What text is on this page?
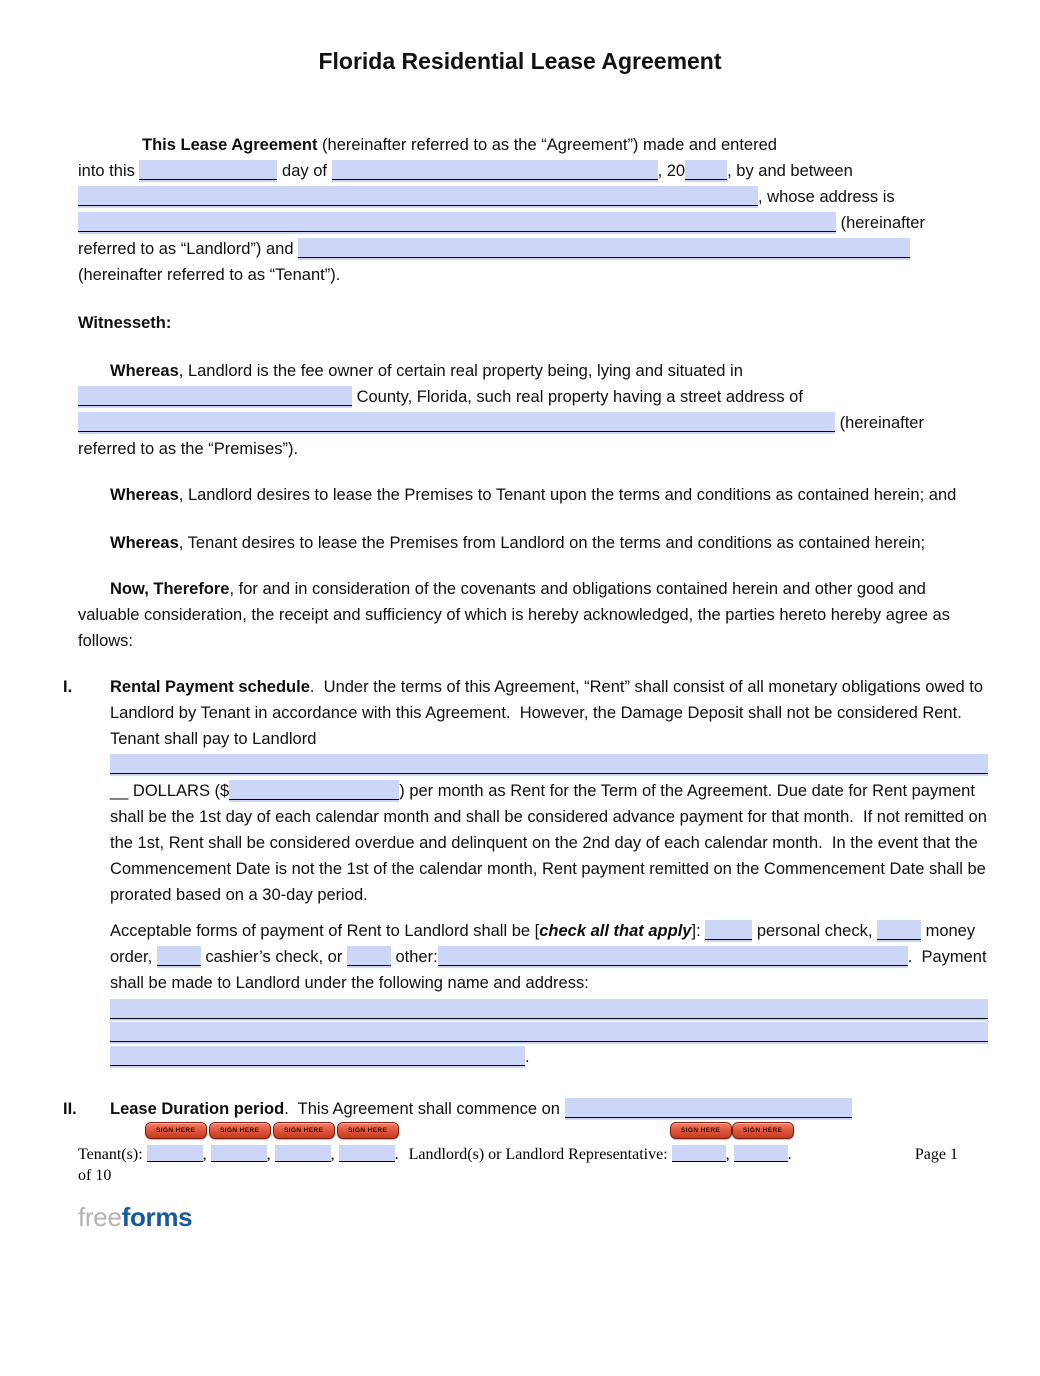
Florida Residential Lease Agreement
This Lease Agreement (hereinafter referred to as the “Agreement”) made and entered
into this	day of	, 20	, by and between
, whose address is
(hereinafter
referred to as “Landlord”) and
(hereinafter referred to as “Tenant”).
Witnesseth:
Whereas, Landlord is the fee owner of certain real property being, lying and situated in
County, Florida, such real property having a street address of
(hereinafter
referred to as the “Premises”).
Whereas, Landlord desires to lease the Premises to Tenant upon the terms and conditions as contained herein; and
Whereas, Tenant desires to lease the Premises from Landlord on the terms and conditions as contained herein;
Now, Therefore, for and in consideration of the covenants and obligations contained herein and other good and valuable consideration, the receipt and sufficiency of which is hereby acknowledged, the parties hereto hereby agree as follows:
I. Rental Payment schedule.  Under the terms of this Agreement, “Rent” shall consist of all monetary obligations owed to Landlord by Tenant in accordance with this Agreement.  However, the Damage Deposit shall not be considered Rent.  Tenant shall pay to Landlord__ DOLLARS ($	) per month as Rent for the Term of the Agreement. Due date for Rent payment shall be the 1st day of each calendar month and shall be considered advance payment for that month.  If not remitted on the 1st, Rent shall be considered overdue and delinquent on the 2nd day of each calendar month.  In the event that the Commencement Date is not the 1st of the calendar month, Rent payment remitted on the Commencement Date shall be prorated based on a 30-day period.
Acceptable forms of payment of Rent to Landlord shall be [check all that apply]:	personal check,	money order,	cashier’s check, or	other:	.  Payment shall be made to Landlord under the following name and address:
.
II. Lease Duration period.  This Agreement shall commence on
Tenant(s):
SIGN HERE
,
SIGN HERE
,
SIGN HERE
,
SIGN HERE
. Landlord(s) or Landlord Representative:
SIGN HERE
,
SIGN HERE
.	Page 1
of 10
freeforms
